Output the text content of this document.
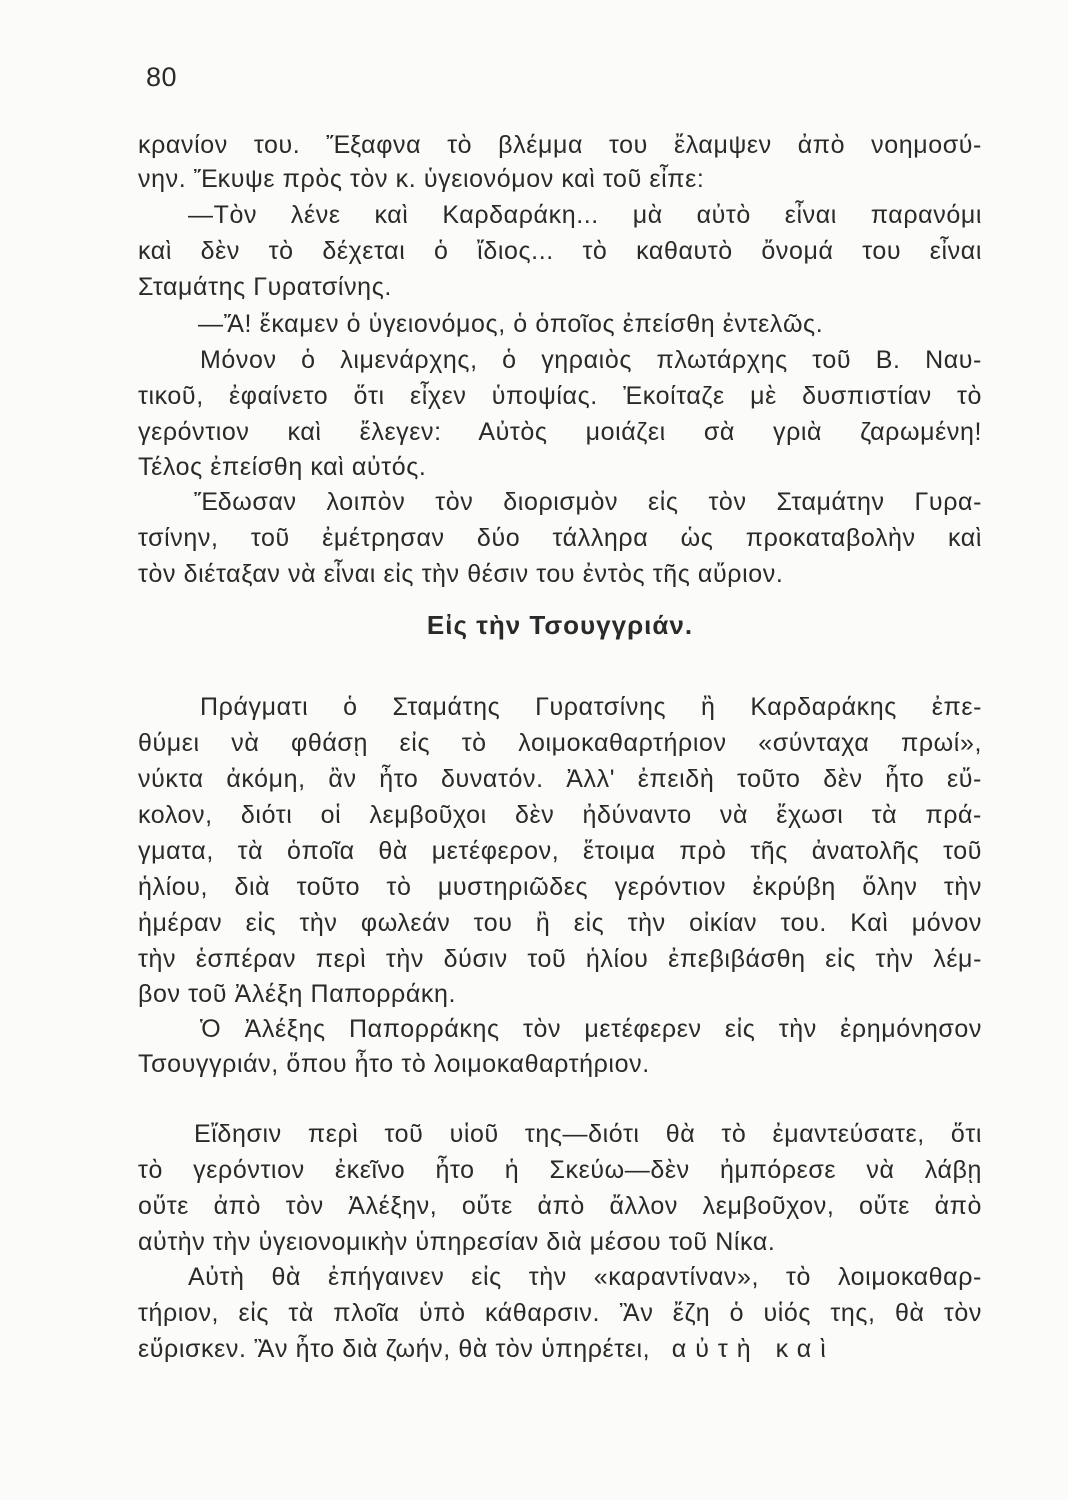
80
κρανίον του. Ἔξαφνα τὸ βλέμμα του ἔλαμψεν ἀπὸ νοημοσύ-
νην. Ἔκυψε πρὸς τὸν κ. ὑγειονόμον καὶ τοῦ εἶπε:
—Τὸν λένε καὶ Καρδαράκη... μὰ αὐτὸ εἶναι παρανόμι
καὶ δὲν τὸ δέχεται ὁ ἴδιος... τὸ καθαυτὸ ὄνομά του εἶναι
Σταμάτης Γυρατσίνης.
—Ἄ! ἔκαμεν ὁ ὑγειονόμος, ὁ ὁποῖος ἐπείσθη ἐντελῶς.
Μόνον ὁ λιμενάρχης, ὁ γηραιὸς πλωτάρχης τοῦ Β. Ναυ-
τικοῦ, ἐφαίνετο ὅτι εἶχεν ὑποψίας. Ἐκοίταζε μὲ δυσπιστίαν τὸ
γερόντιον καὶ ἔλεγεν: Αὐτὸς μοιάζει σὰ γριὰ ζαρωμένη!
Τέλος ἐπείσθη καὶ αὐτός.
Ἔδωσαν λοιπὸν τὸν διορισμὸν εἰς τὸν Σταμάτην Γυρα-
τσίνην, τοῦ ἐμέτρησαν δύο τάλληρα ὡς προκαταβολὴν καὶ
τὸν διέταξαν νὰ εἶναι εἰς τὴν θέσιν του ἐντὸς τῆς αὔριον.
Εἰς τὴν Τσουγγριάν.
Πράγματι ὁ Σταμάτης Γυρατσίνης ἢ Καρδαράκης ἐπε-
θύμει νὰ φθάσῃ εἰς τὸ λοιμοκαθαρτήριον «σύνταχα πρωί»,
νύκτα ἀκόμη, ἂν ἦτο δυνατόν. Ἀλλ' ἐπειδὴ τοῦτο δὲν ἦτο εὔ-
κολον, διότι οἱ λεμβοῦχοι δὲν ἠδύναντο νὰ ἔχωσι τὰ πρά-
γματα, τὰ ὁποῖα θὰ μετέφερον, ἕτοιμα πρὸ τῆς ἀνατολῆς τοῦ
ἡλίου, διὰ τοῦτο τὸ μυστηριῶδες γερόντιον ἐκρύβη ὅλην τὴν
ἡμέραν εἰς τὴν φωλεάν του ἢ εἰς τὴν οἰκίαν του. Καὶ μόνον
τὴν ἑσπέραν περὶ τὴν δύσιν τοῦ ἡλίου ἐπεβιβάσθη εἰς τὴν λέμ-
βον τοῦ Ἀλέξη Παπορράκη.
Ὁ Ἀλέξης Παπορράκης τὸν μετέφερεν εἰς τὴν ἐρημόνησον
Τσουγγριάν, ὅπου ἦτο τὸ λοιμοκαθαρτήριον.
Εἴδησιν περὶ τοῦ υἱοῦ της—διότι θὰ τὸ ἐμαντεύσατε, ὅτι
τὸ γερόντιον ἐκεῖνο ἦτο ἡ Σκεύω—δὲν ἠμπόρεσε νὰ λάβῃ
οὔτε ἀπὸ τὸν Ἀλέξην, οὔτε ἀπὸ ἄλλον λεμβοῦχον, οὔτε ἀπὸ
αὐτὴν τὴν ὑγειονομικὴν ὑπηρεσίαν διὰ μέσου τοῦ Νίκα.
Αὐτὴ θὰ ἐπήγαινεν εἰς τὴν «καραντίναν», τὸ λοιμοκαθαρ-
τήριον, εἰς τὰ πλοῖα ὑπὸ κάθαρσιν. Ἂν ἔζη ὁ υἱός της, θὰ τὸν
εὕρισκεν. Ἂν ἦτο διὰ ζωήν, θὰ τὸν ὑπηρέτει, αὐτὴ καὶ
